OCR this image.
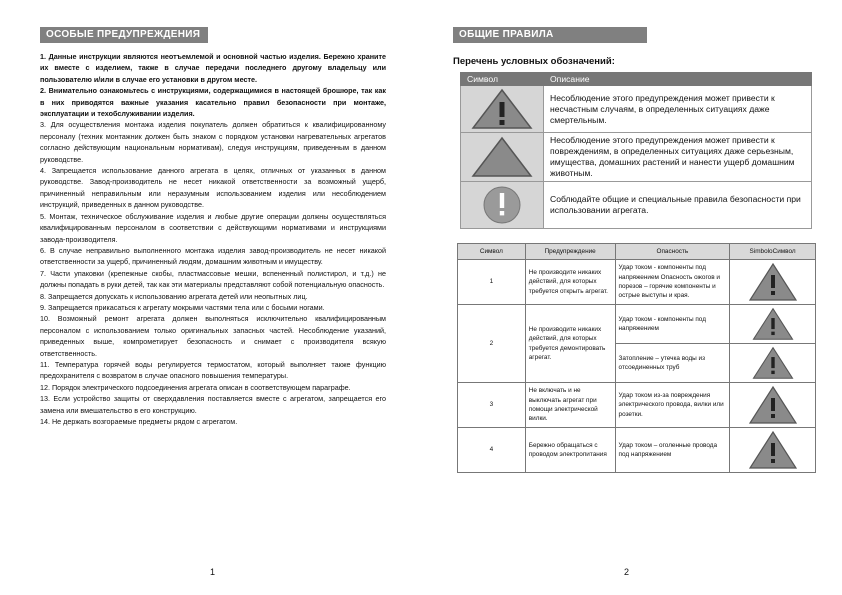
ОСОБЫЕ ПРЕДУПРЕЖДЕНИЯ
1. Данные инструкции являются неотъемлемой и основной частью изделия. Бережно храните их вместе с изделием, также в случае передачи последнего другому владельцу или пользователю и/или в случае его установки в другом месте.
2. Внимательно ознакомьтесь с инструкциями, содержащимися в настоящей брошюре, так как в них приводятся важные указания касательно правил безопасности при монтаже, эксплуатации и техобслуживании изделия.
3. Для осуществления монтажа изделия покупатель должен обратиться к квалифицированному персоналу (техник монтажник должен быть знаком с порядком установки нагревательных агрегатов согласно действующим национальным нормативам), следуя инструкциям, приведенным в данном руководстве.
4. Запрещается использование данного агрегата в целях, отличных от указанных в данном руководстве. Завод-производитель не несет никакой ответственности за возможный ущерб, причиненный неправильным или неразумным использованием изделия или несоблюдением инструкций, приведенных в данном руководстве.
5. Монтаж, техническое обслуживание изделия и любые другие операции должны осуществляться квалифицированным персоналом в соответствии с действующими нормативами и инструкциями завода-производителя.
6. В случае неправильно выполненного монтажа изделия завод-производитель не несет никакой ответственности за ущерб, причиненный людям, домашним животным и имуществу.
7. Части упаковки (крепежные скобы, пластмассовые мешки, вспененный полистирол, и т.д.) не должны попадать в руки детей, так как эти материалы представляют собой потенциальную опасность.
8. Запрещается допускать к использованию агрегата детей или неопытных лиц.
9. Запрещается прикасаться к агрегату мокрыми частями тела или с босыми ногами.
10. Возможный ремонт агрегата должен выполняться исключительно квалифицированным персоналом с использованием только оригинальных запасных частей. Несоблюдение указаний, приведенных выше, компрометирует безопасность и снимает с производителя всякую ответственность.
11. Температура горячей воды регулируется термостатом, который выполняет также функцию предохранителя с возвратом в случае опасного повышения температуры.
12. Порядок электрического подсоединения агрегата описан в соответствующем параграфе.
13. Если устройство защиты от сверхдавления поставляется вместе с агрегатом, запрещается его замена или вмешательство в его конструкцию.
14. Не держать возгораемые предметы рядом с агрегатом.
1
ОБЩИЕ ПРАВИЛА БЕЗОПАСНОСТИ
Перечень условных обозначений:
Символ	Описание

	Несоблюдение этого предупреждения может привести к несчастным случаям, в определенных ситуациях даже смертельным.

	Несоблюдение этого предупреждения может привести к повреждениям, в определенных ситуациях даже серьезным, имущества, домашних растений и нанести ущерб домашним животным.

	Соблюдайте общие и специальные правила безопасности при использовании агрегата.
Символ	Предупреждение	Опасность	SimboloСимвол
1	Не производите никаких действий, для которых требуется открыть агрегат.	Удар током - компоненты под напряжением Опасность ожогов и порезов – горячие компоненты и острые выступы и края.	

2	Не производите никаких действий, для которых требуется демонтировать агрегат.	Удар током - компоненты под напряжением	

		Затопление – утечка воды из отсоединенных труб	

3	Не включать и не выключать агрегат при помощи электрической вилки.	Удар током из-за повреждения электрического провода, вилки или розетки.	

4	Бережно обращаться с проводом электропитания	Удар током – оголенные провода под напряжением	
2
